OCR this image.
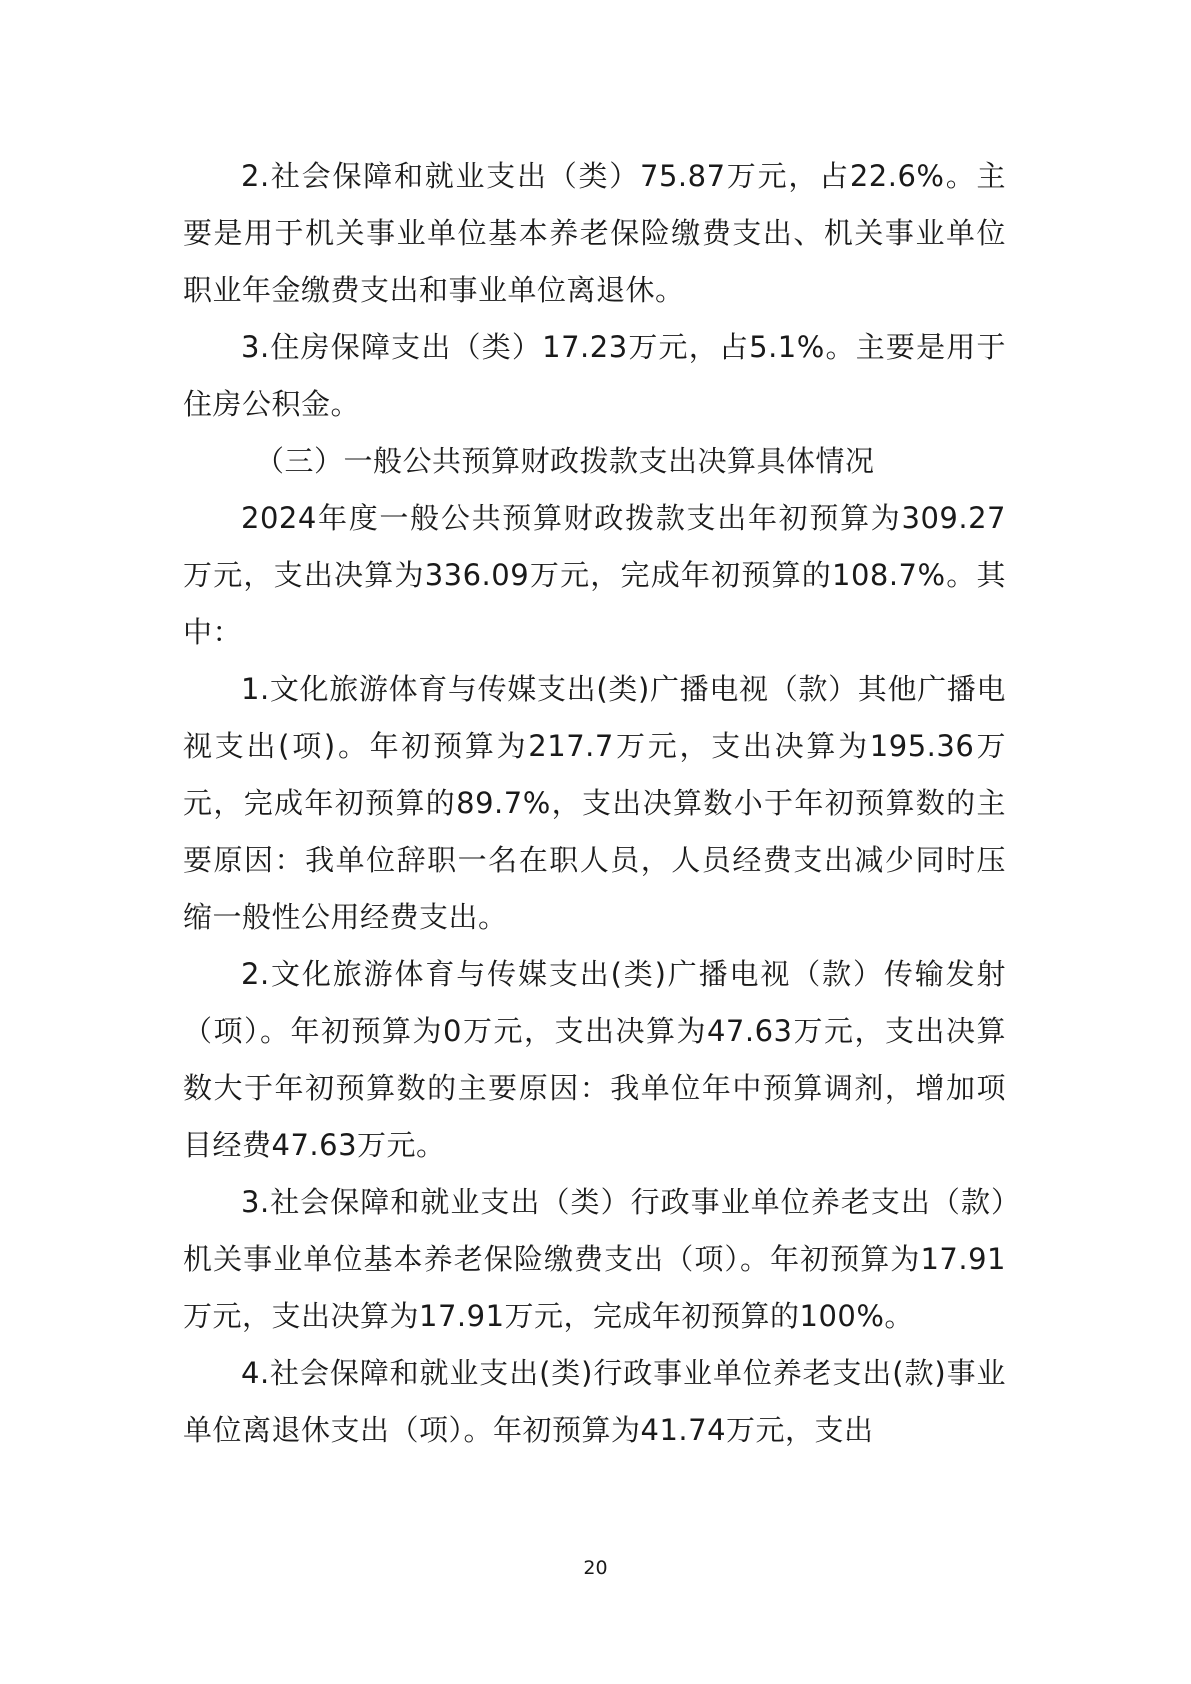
2.社会保障和就业支出（类）75.87万元，占22.6%。主要是用于机关事业单位基本养老保险缴费支出、机关事业单位职业年金缴费支出和事业单位离退休。

3.住房保障支出（类）17.23万元，占5.1%。主要是用于住房公积金。

（三）一般公共预算财政拨款支出决算具体情况

2024年度一般公共预算财政拨款支出年初预算为309.27万元，支出决算为336.09万元，完成年初预算的108.7%。其中：

1.文化旅游体育与传媒支出(类)广播电视（款）其他广播电视支出(项)。年初预算为217.7万元，支出决算为195.36万元，完成年初预算的89.7%，支出决算数小于年初预算数的主要原因：我单位辞职一名在职人员，人员经费支出减少同时压缩一般性公用经费支出。

2.文化旅游体育与传媒支出(类)广播电视（款）传输发射（项）。年初预算为0万元，支出决算为47.63万元，支出决算数大于年初预算数的主要原因：我单位年中预算调剂，增加项目经费47.63万元。

3.社会保障和就业支出（类）行政事业单位养老支出（款）机关事业单位基本养老保险缴费支出（项）。年初预算为17.91万元，支出决算为17.91万元，完成年初预算的100%。

4.社会保障和就业支出(类)行政事业单位养老支出(款)事业单位离退休支出（项）。年初预算为41.74万元，支出

20
